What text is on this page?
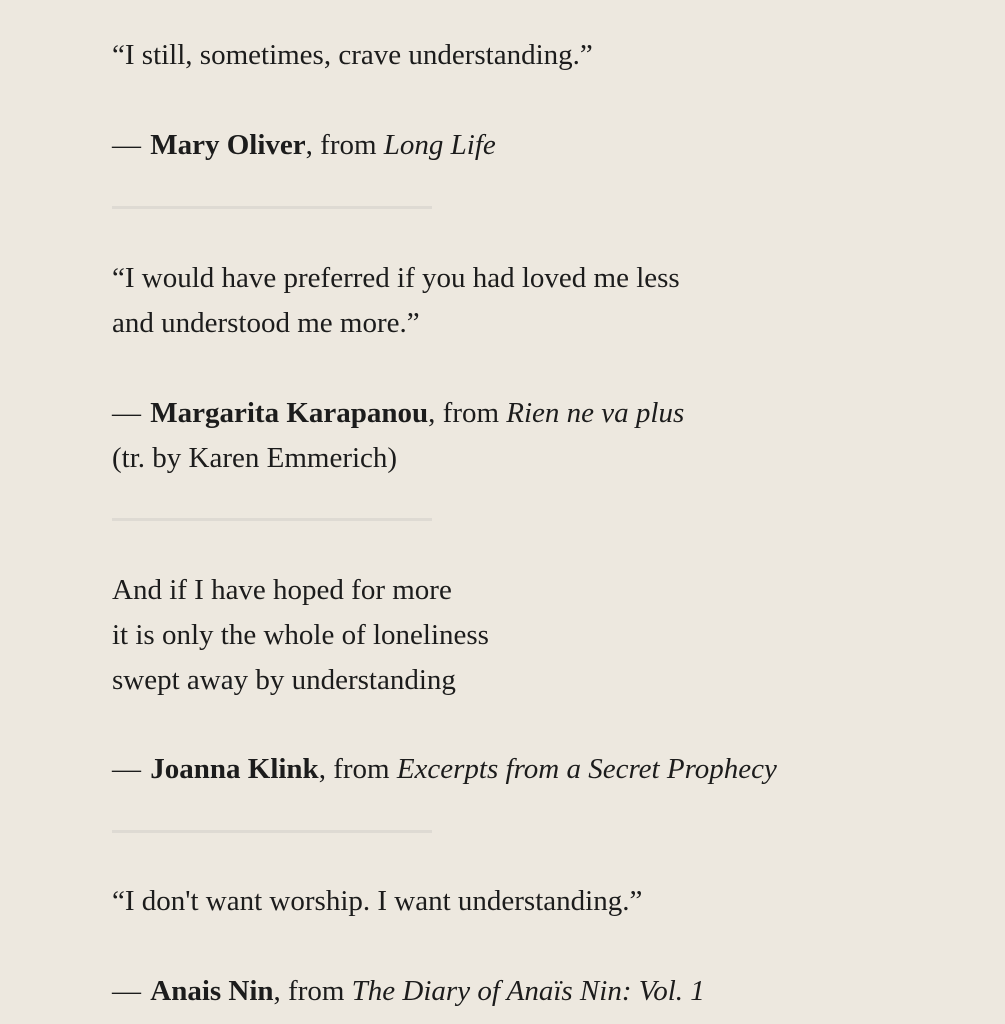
“I still, sometimes, crave understanding.”
— Mary Oliver, from Long Life
“I would have preferred if you had loved me less
and understood me more.”
— Margarita Karapanou, from Rien ne va plus
(tr. by Karen Emmerich)
And if I have hoped for more
it is only the whole of loneliness
swept away by understanding
— Joanna Klink, from Excerpts from a Secret Prophecy
“I don't want worship. I want understanding.”
— Anais Nin, from The Diary of Anaïs Nin: Vol. 1
